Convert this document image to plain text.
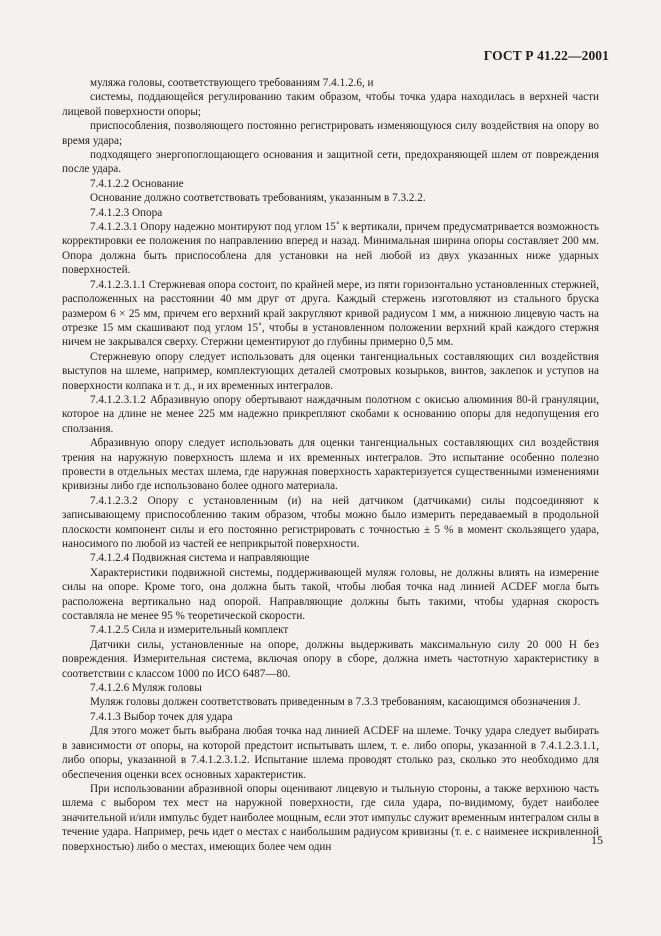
ГОСТ Р 41.22—2001

муляжа головы, соответствующего требованиям 7.4.1.2.6, и

системы, поддающейся регулированию таким образом, чтобы точка удара находилась в верхней части лицевой поверхности опоры;

приспособления, позволяющего постоянно регистрировать изменяющуюся силу воздействия на опору во время удара;

подходящего энергопоглощающего основания и защитной сети, предохраняющей шлем от повреждения после удара.

7.4.1.2.2 Основание

Основание должно соответствовать требованиям, указанным в 7.3.2.2.

7.4.1.2.3 Опора

7.4.1.2.3.1 Опору надежно монтируют под углом 15˚ к вертикали, причем предусматривается возможность корректировки ее положения по направлению вперед и назад. Минимальная ширина опоры составляет 200 мм. Опора должна быть приспособлена для установки на ней любой из двух указанных ниже ударных поверхностей.

7.4.1.2.3.1.1 Стержневая опора состоит, по крайней мере, из пяти горизонтально установленных стержней, расположенных на расстоянии 40 мм друг от друга. Каждый стержень изготовляют из стального бруска размером 6 × 25 мм, причем его верхний край закругляют кривой радиусом 1 мм, а нижнюю лицевую часть на отрезке 15 мм скашивают под углом 15˚, чтобы в установленном положении верхний край каждого стержня ничем не закрывался сверху. Стержни цементируют до глубины примерно 0,5 мм.

Стержневую опору следует использовать для оценки тангенциальных составляющих сил воздействия выступов на шлеме, например, комплектующих деталей смотровых козырьков, винтов, заклепок и уступов на поверхности колпака и т. д., и их временных интегралов.

7.4.1.2.3.1.2 Абразивную опору обертывают наждачным полотном с окисью алюминия 80-й грануляции, которое на длине не менее 225 мм надежно прикрепляют скобами к основанию опоры для недопущения его сползания.

Абразивную опору следует использовать для оценки тангенциальных составляющих сил воздействия трения на наружную поверхность шлема и их временных интегралов. Это испытание особенно полезно провести в отдельных местах шлема, где наружная поверхность характеризуется существенными изменениями кривизны либо где использовано более одного материала.

7.4.1.2.3.2 Опору с установленным (и) на ней датчиком (датчиками) силы подсоединяют к записывающему приспособлению таким образом, чтобы можно было измерить передаваемый в продольной плоскости компонент силы и его постоянно регистрировать с точностью ± 5 % в момент скользящего удара, наносимого по любой из частей ее неприкрытой поверхности.

7.4.1.2.4 Подвижная система и направляющие

Характеристики подвижной системы, поддерживающей муляж головы, не должны влиять на измерение силы на опоре. Кроме того, она должна быть такой, чтобы любая точка над линией ACDEF могла быть расположена вертикально над опорой. Направляющие должны быть такими, чтобы ударная скорость составляла не менее 95 % теоретической скорости.

7.4.1.2.5 Сила и измерительный комплект

Датчики силы, установленные на опоре, должны выдерживать максимальную силу 20 000 Н без повреждения. Измерительная система, включая опору в сборе, должна иметь частотную характеристику в соответствии с классом 1000 по ИСО 6487—80.

7.4.1.2.6 Муляж головы

Муляж головы должен соответствовать приведенным в 7.3.3 требованиям, касающимся обозначения J.

7.4.1.3 Выбор точек для удара

Для этого может быть выбрана любая точка над линией ACDEF на шлеме. Точку удара следует выбирать в зависимости от опоры, на которой предстоит испытывать шлем, т. е. либо опоры, указанной в 7.4.1.2.3.1.1, либо опоры, указанной в 7.4.1.2.3.1.2. Испытание шлема проводят столько раз, сколько это необходимо для обеспечения оценки всех основных характеристик.

При использовании абразивной опоры оценивают лицевую и тыльную стороны, а также верхнюю часть шлема с выбором тех мест на наружной поверхности, где сила удара, по-видимому, будет наиболее значительной и/или импульс будет наиболее мощным, если этот импульс служит временным интегралом силы в течение удара. Например, речь идет о местах с наибольшим радиусом кривизны (т. е. с наименее искривленной поверхностью) либо о местах, имеющих более чем один	15
